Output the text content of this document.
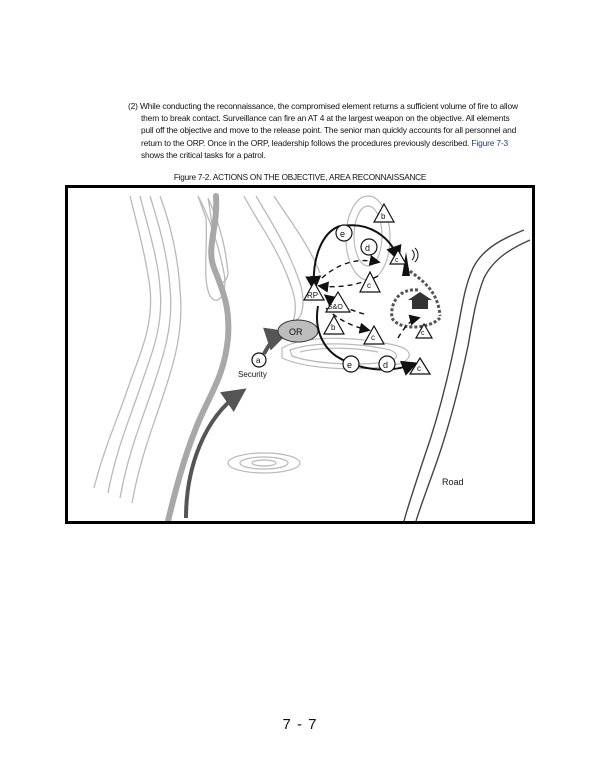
(2) While conducting the reconnaissance, the compromised element returns a sufficient volume of fire to allow
them to break contact. Surveillance can fire an AT 4 at the largest weapon on the objective. All elements
pull off the objective and move to the release point. The senior man quickly accounts for all personnel and
return to the ORP. Once in the ORP, leadership follows the procedures previously described. Figure 7-3
shows the critical tasks for a patrol.
Figure 7-2. ACTIONS ON THE OBJECTIVE, AREA RECONNAISSANCE
Road
OR
a
Security
e
d
b
c
c
RP
S&O
b
c	c
c
e	d
7 - 7
